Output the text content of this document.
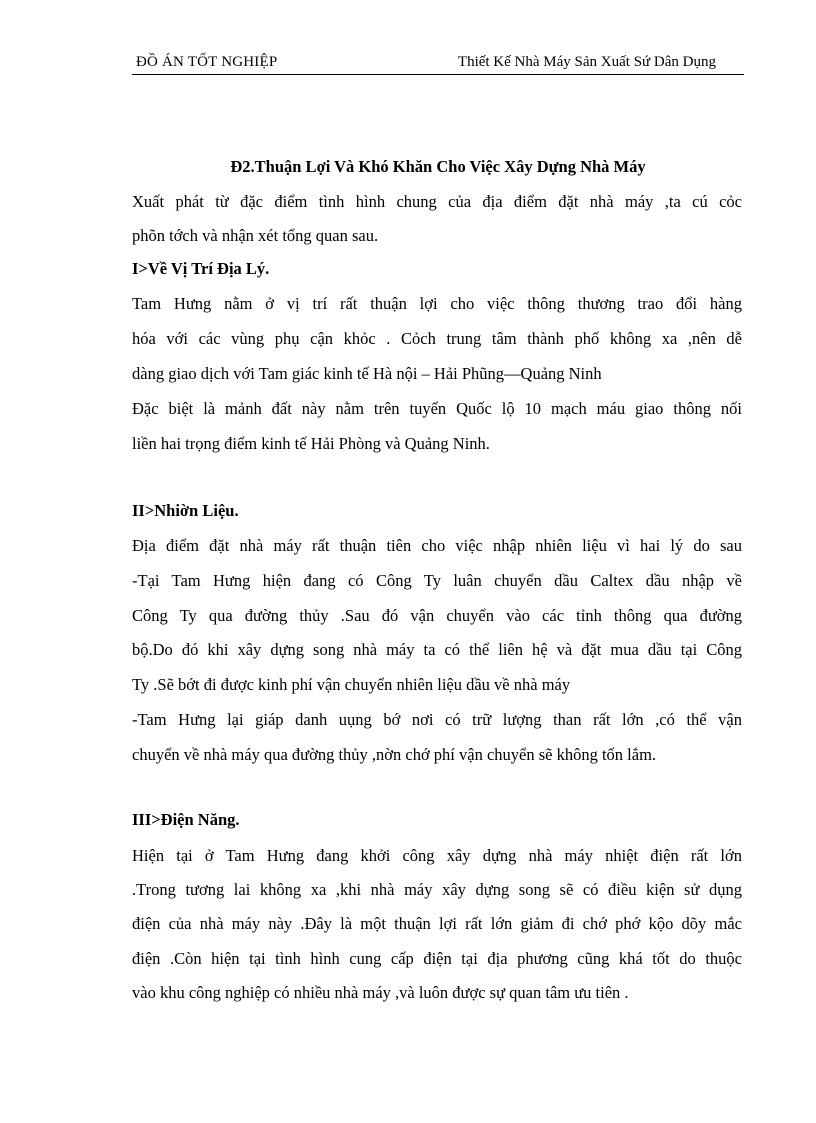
ĐỒ ÁN TỐT NGHIỆP	Thiết Kế Nhà Máy Sản Xuất Sứ Dân Dụng
Đ2.Thuận Lợi Và Khó Khăn Cho Việc Xây Dựng Nhà Máy
Xuất phát từ đặc điểm tình hình chung của địa điểm đặt nhà máy ,ta cú cỏc
phõn tớch và nhận xét tổng quan sau.
I>Về Vị Trí Địa Lý.
Tam Hưng nằm ở vị trí rất thuận lợi cho việc thông thương trao đổi hàng
hóa với các vùng phụ cận khỏc . Cỏch trung tâm thành phố không xa ,nên dễ
dàng giao dịch với Tam giác kinh tế Hà nội – Hải Phũng—Quảng Ninh
Đặc biệt là mảnh đất này nằm trên tuyến Quốc lộ 10 mạch máu giao thông nối
liền hai trọng điểm kinh tế Hải Phòng và Quảng Ninh.
II>Nhiờn Liệu.
Địa điểm đặt nhà máy rất thuận tiên cho việc nhập nhiên liệu vì hai lý do sau
-Tại Tam Hưng hiện đang có Công Ty luân chuyển dầu Caltex dầu nhập về
Công Ty qua đường thủy .Sau đó vận chuyển vào các tỉnh thông qua đường
bộ.Do đó khi xây dựng song nhà máy ta có thể liên hệ và đặt mua dầu tại Công
Ty .Sẽ bớt đi được kinh phí vận chuyển nhiên liệu dầu về nhà máy
-Tam Hưng lại giáp danh uụng bớ nơi có trữ lượng than rất lớn ,có thể vận
chuyển về nhà máy qua đường thủy ,nờn chớ phí vận chuyển sẽ không tốn lắm.
III>Điện Năng.
Hiện tại ở Tam Hưng đang khởi công xây dựng nhà máy nhiệt điện rất lớn
.Trong tương lai không xa ,khi nhà máy xây dựng song sẽ có điều kiện sử dụng
điện của nhà máy này .Đây là một thuận lợi rất lớn giảm đi chớ phớ kộo dõy mắc
điện .Còn hiện tại tình hình cung cấp điện tại địa phương cũng khá tốt do thuộc
vào khu công nghiệp có nhiều nhà máy ,và luôn được sự quan tâm ưu tiên .
